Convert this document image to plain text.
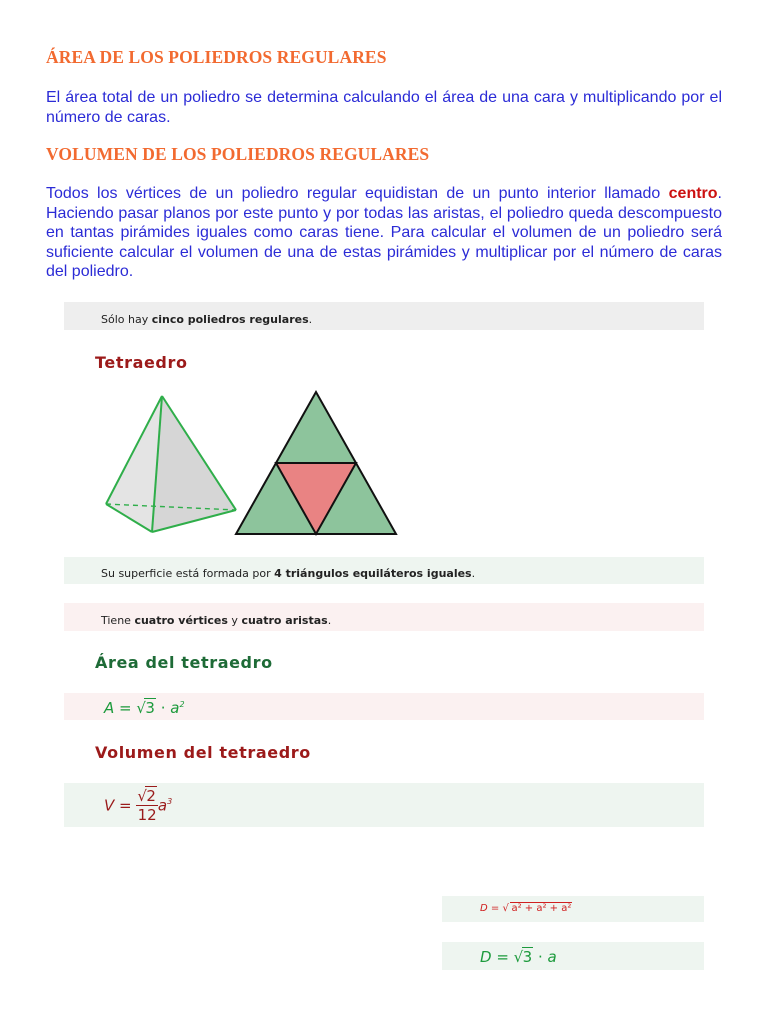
ÁREA DE LOS POLIEDROS REGULARES

El área total de un poliedro se determina calculando el área de una cara y multiplicando por el número de caras.

VOLUMEN DE LOS POLIEDROS REGULARES

Todos los vértices de un poliedro regular equidistan de un punto interior llamado centro. Haciendo pasar planos por este punto y por todas las aristas, el poliedro queda descompuesto en tantas pirámides iguales como caras tiene. Para calcular el volumen de un poliedro será suficiente calcular el volumen de una de estas pirámides y multiplicar por el número de caras del poliedro.

Sólo hay cinco poliedros regulares.
Tetraedro
Su superficie está formada por 4 triángulos equiláteros iguales.
Tiene cuatro vértices y cuatro aristas.
Área del tetraedro
A = √ $3 \cdot a^2$
Volumen del tetraedro
$V = \frac{√ 2}{12} a^3$
D = √ a² + a² + a²
D = √ 3 · a
